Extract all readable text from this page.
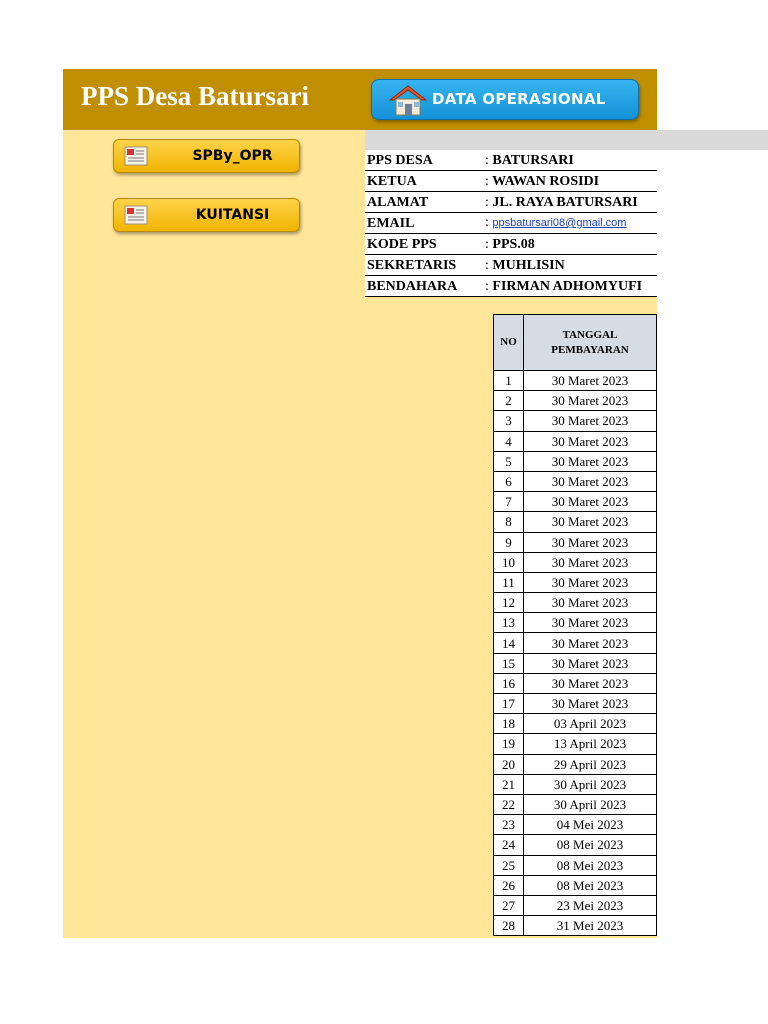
PPS Desa Batursari	DATA OPERASIONAL
SPBy_OPR
KUITANSI
PPS DESA	: BATURSARI
KETUA	: WAWAN ROSIDI
ALAMAT	: JL. RAYA BATURSARI
EMAIL	: ppsbatursari08@gmail.com
KODE PPS	: PPS.08
SEKRETARIS	: MUHLISIN
BENDAHARA	: FIRMAN ADHOMYUFI
NO	TANGGAL
PEMBAYARAN
1	30 Maret 2023
2	30 Maret 2023
3	30 Maret 2023
4	30 Maret 2023
5	30 Maret 2023
6	30 Maret 2023
7	30 Maret 2023
8	30 Maret 2023
9	30 Maret 2023
10	30 Maret 2023
11	30 Maret 2023
12	30 Maret 2023
13	30 Maret 2023
14	30 Maret 2023
15	30 Maret 2023
16	30 Maret 2023
17	30 Maret 2023
18	03 April 2023
19	13 April 2023
20	29 April 2023
21	30 April 2023
22	30 April 2023
23	04 Mei 2023
24	08 Mei 2023
25	08 Mei 2023
26	08 Mei 2023
27	23 Mei 2023
28	31 Mei 2023
